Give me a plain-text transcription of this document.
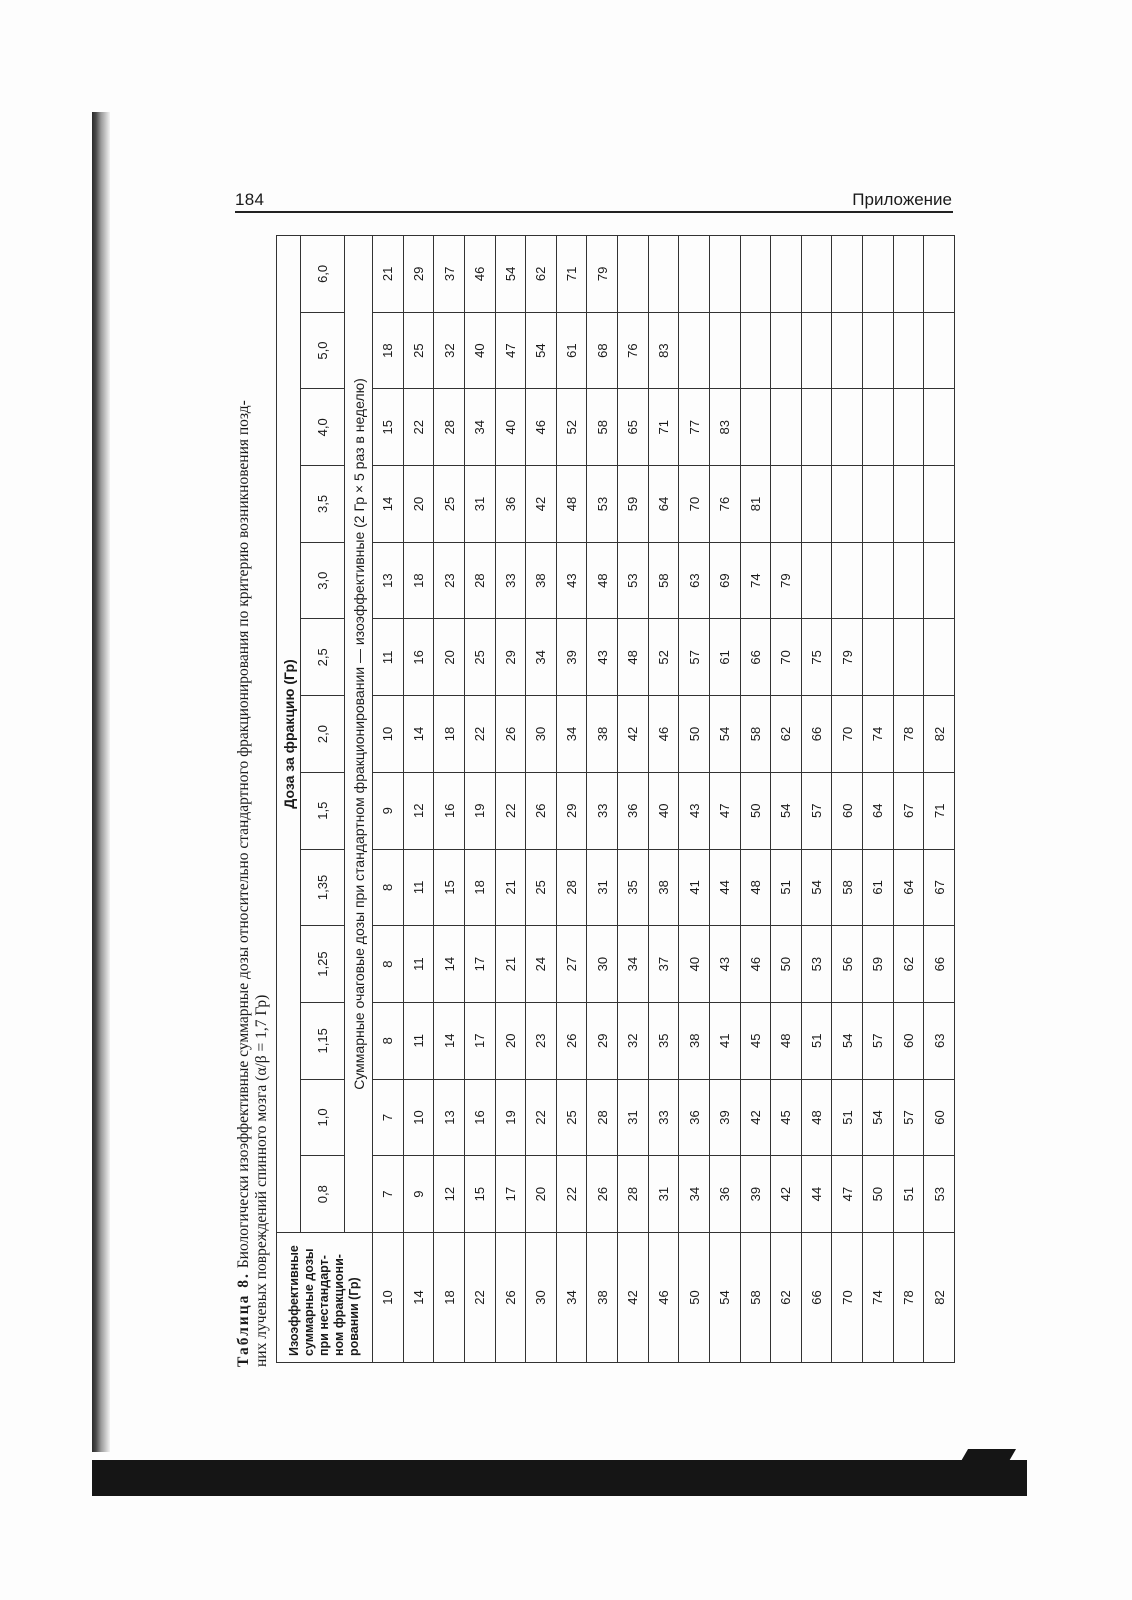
184	Приложение
Таблица 8. Биологически изоэффективные суммарные дозы относительно стандартного фракционирования по критерию возникновения позд- них лучевых повреждений спинного мозга (α/β = 1,7 Гр) Изоэффективные суммарные дозы при нестандарт-ном фракциони-ровании (Гр)	Доза за фракцию (Гр)												
	0,8	1,0	1,15	1,25	1,35	1,5	2,0	2,5	3,0	3,5	4,0	5,0	6,0
	Суммарные очаговые дозы при стандартном фракционировании — изоэффективные (2 Гр × 5 раз в неделю)												
10	7	7	8	8	8	9	10	11	13	14	15	18	21
14	9	10	11	11	11	12	14	16	18	20	22	25	29
18	12	13	14	14	15	16	18	20	23	25	28	32	37
22	15	16	17	17	18	19	22	25	28	31	34	40	46
26	17	19	20	21	21	22	26	29	33	36	40	47	54
30	20	22	23	24	25	26	30	34	38	42	46	54	62
34	22	25	26	27	28	29	34	39	43	48	52	61	71
38	26	28	29	30	31	33	38	43	48	53	58	68	79
42	28	31	32	34	35	36	42	48	53	59	65	76	
46	31	33	35	37	38	40	46	52	58	64	71	83	
50	34	36	38	40	41	43	50	57	63	70	77		
54	36	39	41	43	44	47	54	61	69	76	83		
58	39	42	45	46	48	50	58	66	74	81			
62	42	45	48	50	51	54	62	70	79				
66	44	48	51	53	54	57	66	75					
70	47	51	54	56	58	60	70	79					
74	50	54	57	59	61	64	74						
78	51	57	60	62	64	67	78						
82	53	60	63	66	67	71	82						
